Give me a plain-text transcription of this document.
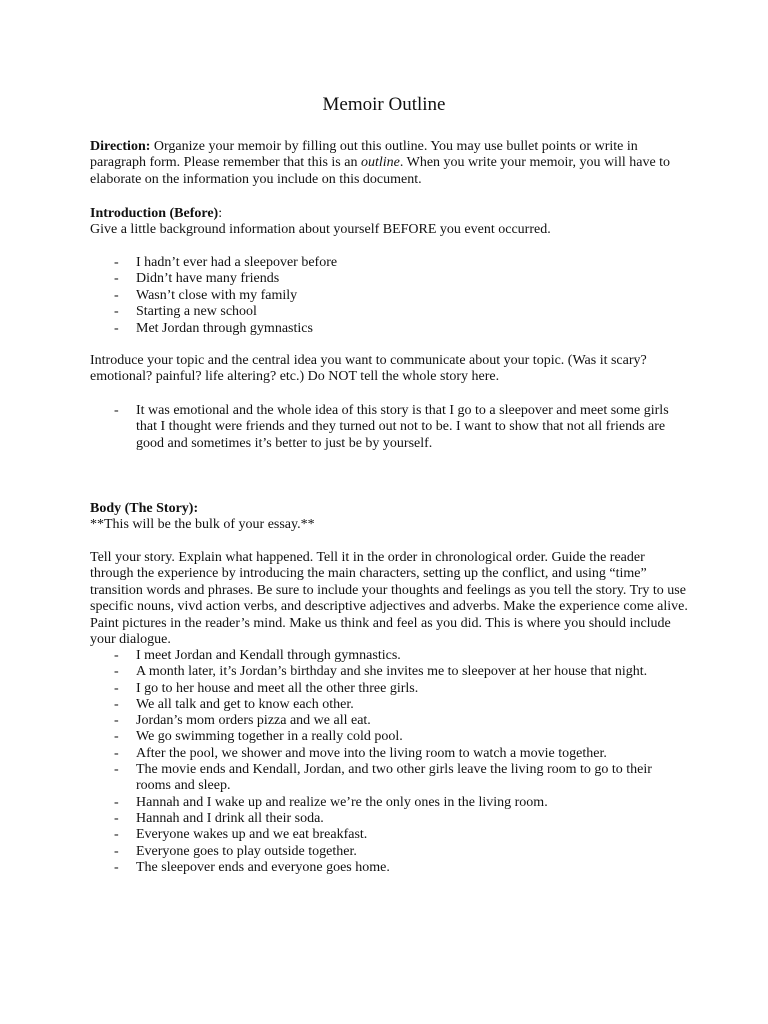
Memoir Outline
Direction: Organize your memoir by filling out this outline. You may use bullet points or write in paragraph form. Please remember that this is an outline. When you write your memoir, you will have to elaborate on the information you include on this document.
Introduction (Before):
Give a little background information about yourself BEFORE you event occurred.
- I hadn’t ever had a sleepover before
- Didn’t have many friends
- Wasn’t close with my family
- Starting a new school
- Met Jordan through gymnastics
Introduce your topic and the central idea you want to communicate about your topic. (Was it scary? emotional? painful? life altering? etc.) Do NOT tell the whole story here.
- It was emotional and the whole idea of this story is that I go to a sleepover and meet some girls that I thought were friends and they turned out not to be. I want to show that not all friends are good and sometimes it’s better to just be by yourself.
Body (The Story):
**This will be the bulk of your essay.**
Tell your story. Explain what happened. Tell it in the order in chronological order. Guide the reader through the experience by introducing the main characters, setting up the conflict, and using “time” transition words and phrases. Be sure to include your thoughts and feelings as you tell the story. Try to use specific nouns, vivd action verbs, and descriptive adjectives and adverbs. Make the experience come alive. Paint pictures in the reader’s mind. Make us think and feel as you did. This is where you should include your dialogue.
- I meet Jordan and Kendall through gymnastics.
- A month later, it’s Jordan’s birthday and she invites me to sleepover at her house that night.
- I go to her house and meet all the other three girls.
- We all talk and get to know each other.
- Jordan’s mom orders pizza and we all eat.
- We go swimming together in a really cold pool.
- After the pool, we shower and move into the living room to watch a movie together.
- The movie ends and Kendall, Jordan, and two other girls leave the living room to go to their rooms and sleep.
- Hannah and I wake up and realize we’re the only ones in the living room.
- Hannah and I drink all their soda.
- Everyone wakes up and we eat breakfast.
- Everyone goes to play outside together.
- The sleepover ends and everyone goes home.
